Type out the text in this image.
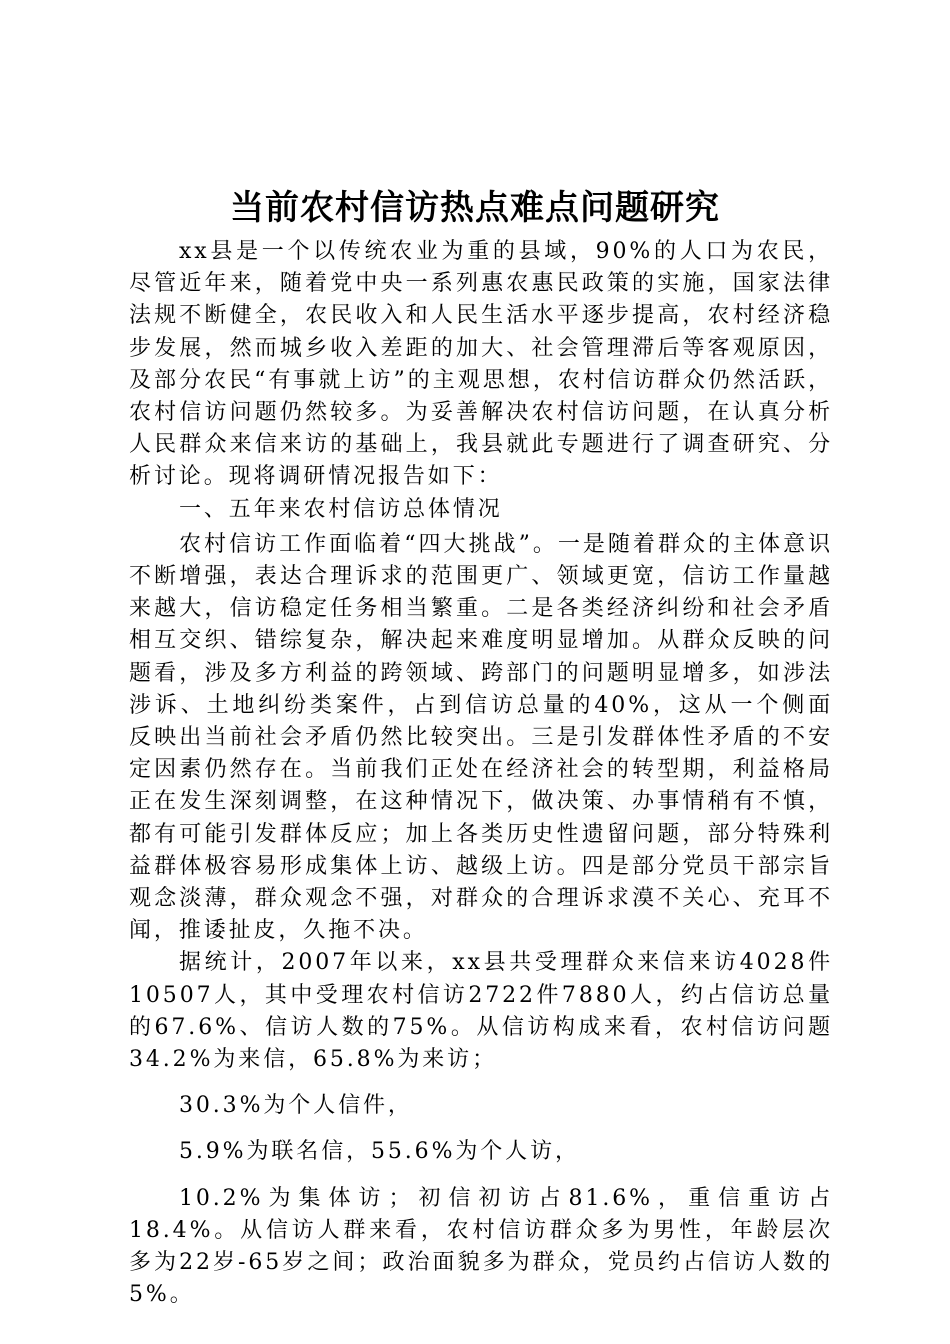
当前农村信访热点难点问题研究

xx县是一个以传统农业为重的县域，90%的人口为农民，尽管近年来，随着党中央一系列惠农惠民政策的实施，国家法律法规不断健全，农民收入和人民生活水平逐步提高，农村经济稳步发展，然而城乡收入差距的加大、社会管理滞后等客观原因，及部分农民“有事就上访”的主观思想，农村信访群众仍然活跃，农村信访问题仍然较多。为妥善解决农村信访问题，在认真分析人民群众来信来访的基础上，我县就此专题进行了调查研究、分析讨论。现将调研情况报告如下：

一、五年来农村信访总体情况

农村信访工作面临着“四大挑战”。一是随着群众的主体意识不断增强，表达合理诉求的范围更广、领域更宽，信访工作量越来越大，信访稳定任务相当繁重。二是各类经济纠纷和社会矛盾相互交织、错综复杂，解决起来难度明显增加。从群众反映的问题看，涉及多方利益的跨领域、跨部门的问题明显增多，如涉法涉诉、土地纠纷类案件，占到信访总量的40%，这从一个侧面反映出当前社会矛盾仍然比较突出。三是引发群体性矛盾的不安定因素仍然存在。当前我们正处在经济社会的转型期，利益格局正在发生深刻调整，在这种情况下，做决策、办事情稍有不慎，都有可能引发群体反应；加上各类历史性遗留问题，部分特殊利益群体极容易形成集体上访、越级上访。四是部分党员干部宗旨观念淡薄，群众观念不强，对群众的合理诉求漠不关心、充耳不闻，推诿扯皮，久拖不决。

据统计，2007年以来，xx县共受理群众来信来访4028件10507人，其中受理农村信访2722件7880人，约占信访总量的67.6%、信访人数的75%。从信访构成来看，农村信访问题34.2%为来信，65.8%为来访；

30.3%为个人信件，

5.9%为联名信，55.6%为个人访，

10.2%为集体访；初信初访占81.6%，重信重访占18.4%。从信访人群来看，农村信访群众多为男性，年龄层次多为22岁-65岁之间；政治面貌多为群众，党员约占信访人数的5%。
